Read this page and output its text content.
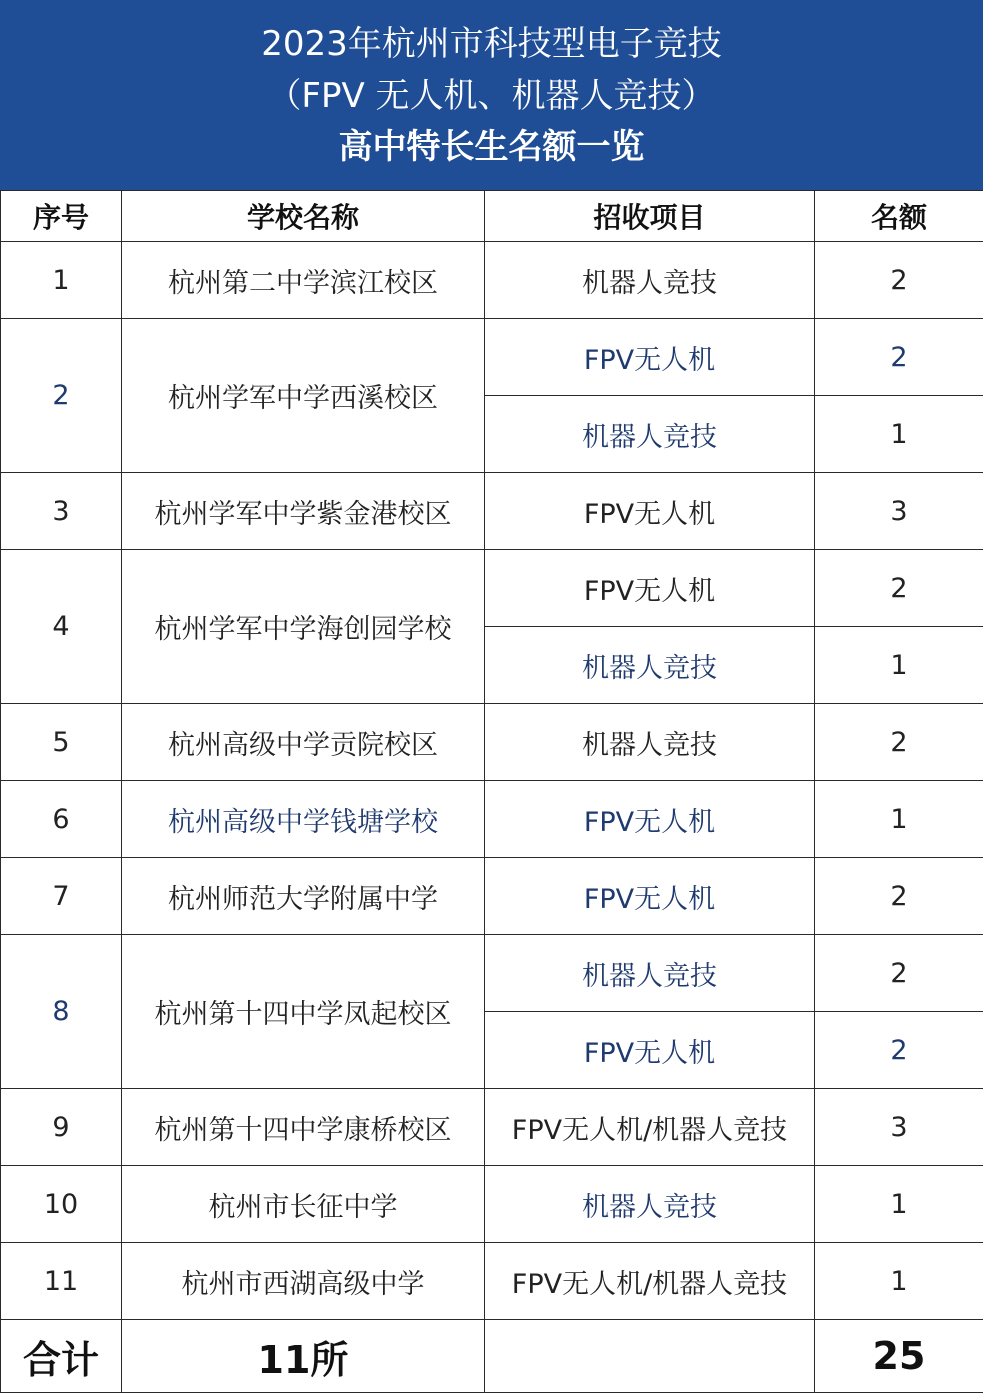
2023年杭州市科技型电子竞技
（FPV 无人机、机器人竞技）
高中特长生名额一览
序号	学校名称	招收项目	名额
1	杭州第二中学滨江校区	机器人竞技	2
2	杭州学军中学西溪校区	FPV无人机	2
		机器人竞技	1
3	杭州学军中学紫金港校区	FPV无人机	3
4	杭州学军中学海创园学校	FPV无人机	2
		机器人竞技	1
5	杭州高级中学贡院校区	机器人竞技	2
6	杭州高级中学钱塘学校	FPV无人机	1
7	杭州师范大学附属中学	FPV无人机	2
8	杭州第十四中学凤起校区	机器人竞技	2
		FPV无人机	2
9	杭州第十四中学康桥校区	FPV无人机/机器人竞技	3
10	杭州市长征中学	机器人竞技	1
11	杭州市西湖高级中学	FPV无人机/机器人竞技	1
合计	11所		25
